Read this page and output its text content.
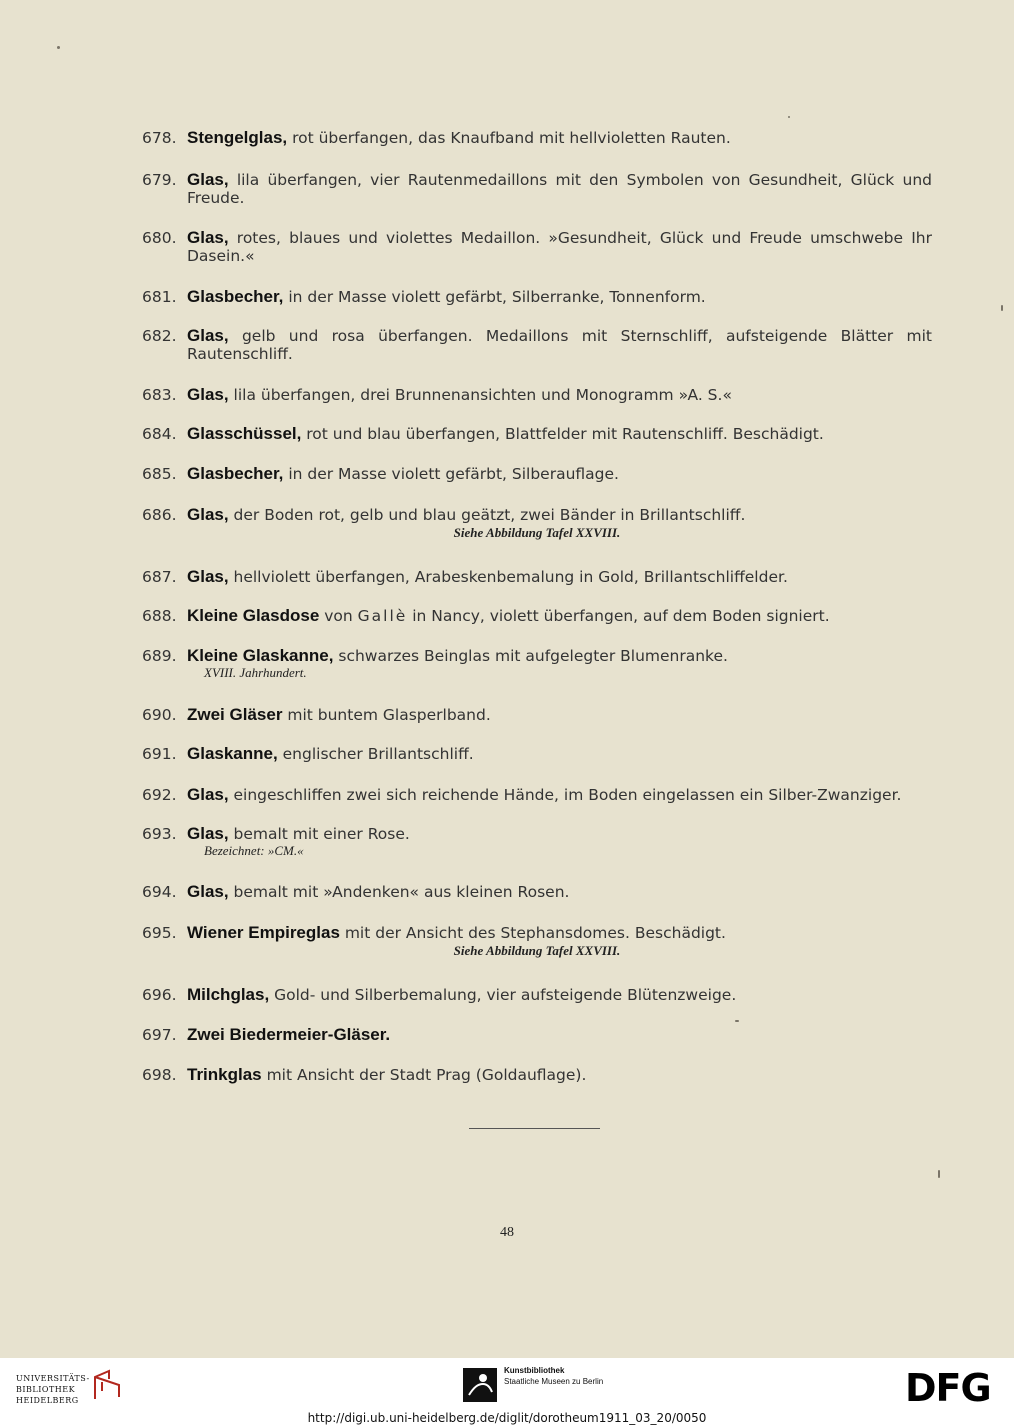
678. Stengelglas, rot überfangen, das Knaufband mit hellvioletten Rauten.
679. Glas, lila überfangen, vier Rautenmedaillons mit den Symbolen von Gesundheit, Glück und Freude.
680. Glas, rotes, blaues und violettes Medaillon. »Gesundheit, Glück und Freude umschwebe Ihr Dasein.«
681. Glasbecher, in der Masse violett gefärbt, Silberranke, Tonnenform.
682. Glas, gelb und rosa überfangen. Medaillons mit Sternschliff, aufsteigende Blätter mit Rautenschliff.
683. Glas, lila überfangen, drei Brunnenansichten und Monogramm »A. S.«
684. Glasschüssel, rot und blau überfangen, Blattfelder mit Rautenschliff. Beschädigt.
685. Glasbecher, in der Masse violett gefärbt, Silberauflage.
686. Glas, der Boden rot, gelb und blau geätzt, zwei Bänder in Brillantschliff.
Siehe Abbildung Tafel XXVIII.
687. Glas, hellviolett überfangen, Arabeskenbemalung in Gold, Brillantschliffelder.
688. Kleine Glasdose von Gallè in Nancy, violett überfangen, auf dem Boden signiert.
689. Kleine Glaskanne, schwarzes Beinglas mit aufgelegter Blumenranke.
XVIII. Jahrhundert.
690. Zwei Gläser mit buntem Glasperlband.
691. Glaskanne, englischer Brillantschliff.
692. Glas, eingeschliffen zwei sich reichende Hände, im Boden eingelassen ein Silber-Zwanziger.
693. Glas, bemalt mit einer Rose.
Bezeichnet: »CM.«
694. Glas, bemalt mit »Andenken« aus kleinen Rosen.
695. Wiener Empireglas mit der Ansicht des Stephansdomes. Beschädigt.
Siehe Abbildung Tafel XXVIII.
696. Milchglas, Gold- und Silberbemalung, vier aufsteigende Blütenzweige.
697. Zwei Biedermeier-Gläser.
698. Trinkglas mit Ansicht der Stadt Prag (Goldauflage).
48
UNIVERSITÄTS-
BIBLIOTHEK
HEIDELBERG
Kunstbibliothek
Staatliche Museen zu Berlin	DFG
http://digi.ub.uni-heidelberg.de/diglit/dorotheum1911_03_20/0050
